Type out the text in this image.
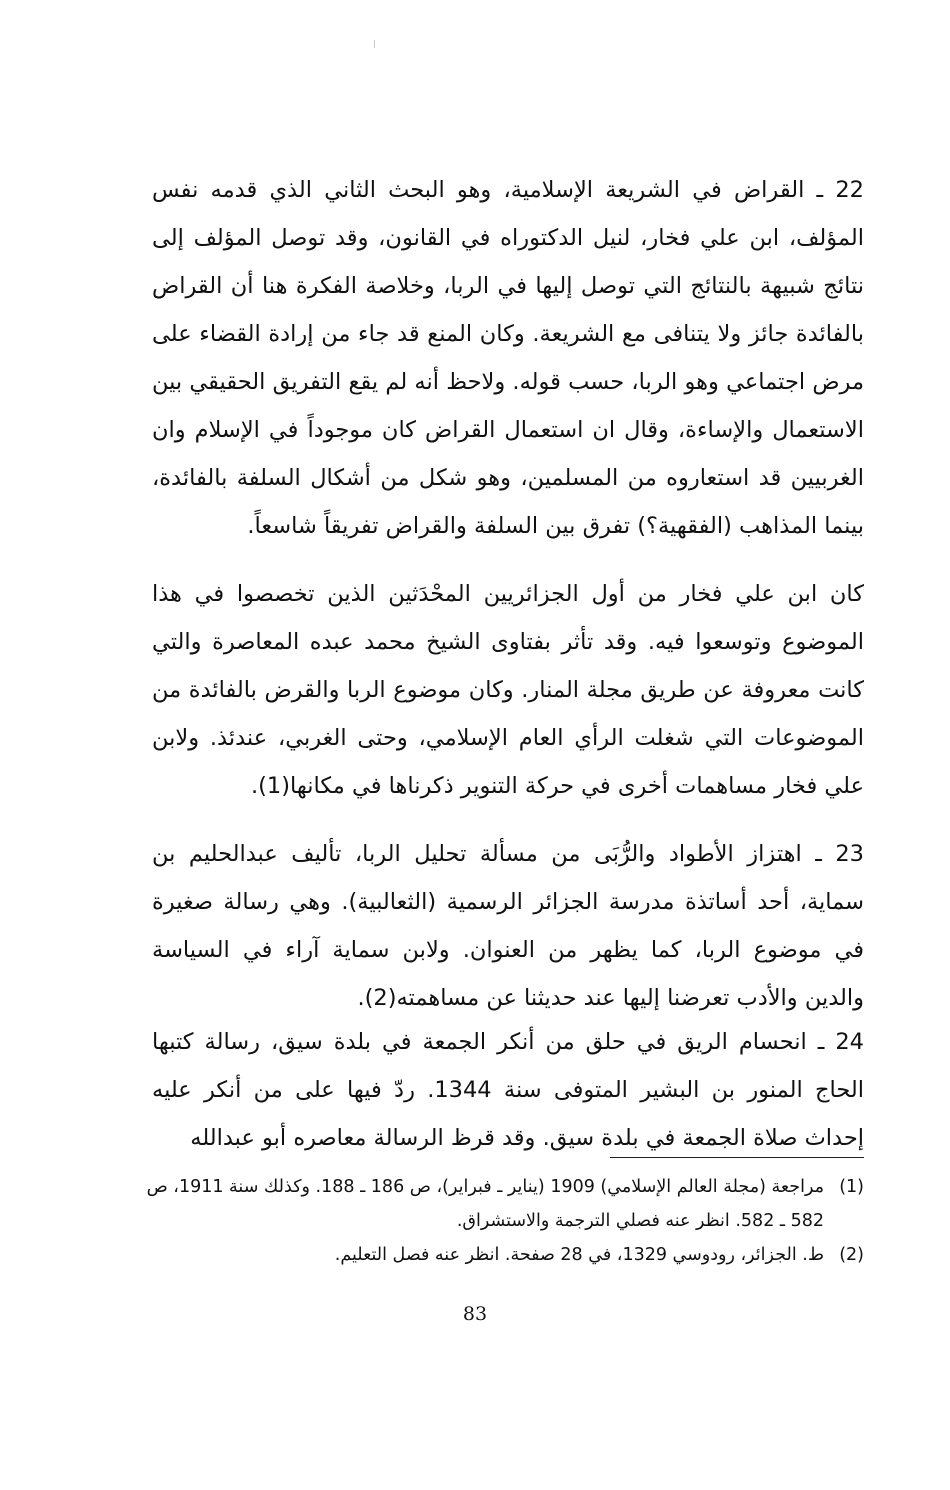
22 ـ القراض في الشريعة الإسلامية، وهو البحث الثاني الذي قدمه نفس المؤلف، ابن علي فخار، لنيل الدكتوراه في القانون، وقد توصل المؤلف إلى نتائج شبيهة بالنتائج التي توصل إليها في الربا، وخلاصة الفكرة هنا أن القراض بالفائدة جائز ولا يتنافى مع الشريعة. وكان المنع قد جاء من إرادة القضاء على مرض اجتماعي وهو الربا، حسب قوله. ولاحظ أنه لم يقع التفريق الحقيقي بين الاستعمال والإساءة، وقال ان استعمال القراض كان موجوداً في الإسلام وان الغربيين قد استعاروه من المسلمين، وهو شكل من أشكال السلفة بالفائدة، بينما المذاهب (الفقهية؟) تفرق بين السلفة والقراض تفريقاً شاسعاً.

كان ابن علي فخار من أول الجزائريين المحْدَثين الذين تخصصوا في هذا الموضوع وتوسعوا فيه. وقد تأثر بفتاوى الشيخ محمد عبده المعاصرة والتي كانت معروفة عن طريق مجلة المنار. وكان موضوع الربا والقرض بالفائدة من الموضوعات التي شغلت الرأي العام الإسلامي، وحتى الغربي، عندئذ. ولابن علي فخار مساهمات أخرى في حركة التنوير ذكرناها في مكانها(1).

23 ـ اهتزاز الأطواد والرُّبَى من مسألة تحليل الربا، تأليف عبدالحليم بن سماية، أحد أساتذة مدرسة الجزائر الرسمية (الثعالبية). وهي رسالة صغيرة في موضوع الربا، كما يظهر من العنوان. ولابن سماية آراء في السياسة والدين والأدب تعرضنا إليها عند حديثنا عن مساهمته(2).

24 ـ انحسام الريق في حلق من أنكر الجمعة في بلدة سيق، رسالة كتبها الحاج المنور بن البشير المتوفى سنة 1344. ردّ فيها على من أنكر عليه إحداث صلاة الجمعة في بلدة سيق. وقد قرظ الرسالة معاصره أبو عبدالله

(1)
مراجعة (مجلة العالم الإسلامي) 1909 (يناير ـ فبراير)، ص 186 ـ 188. وكذلك سنة 1911، ص 582 ـ 582. انظر عنه فصلي الترجمة والاستشراق.
(2)
ط. الجزائر، رودوسي 1329، في 28 صفحة. انظر عنه فصل التعليم.
83
